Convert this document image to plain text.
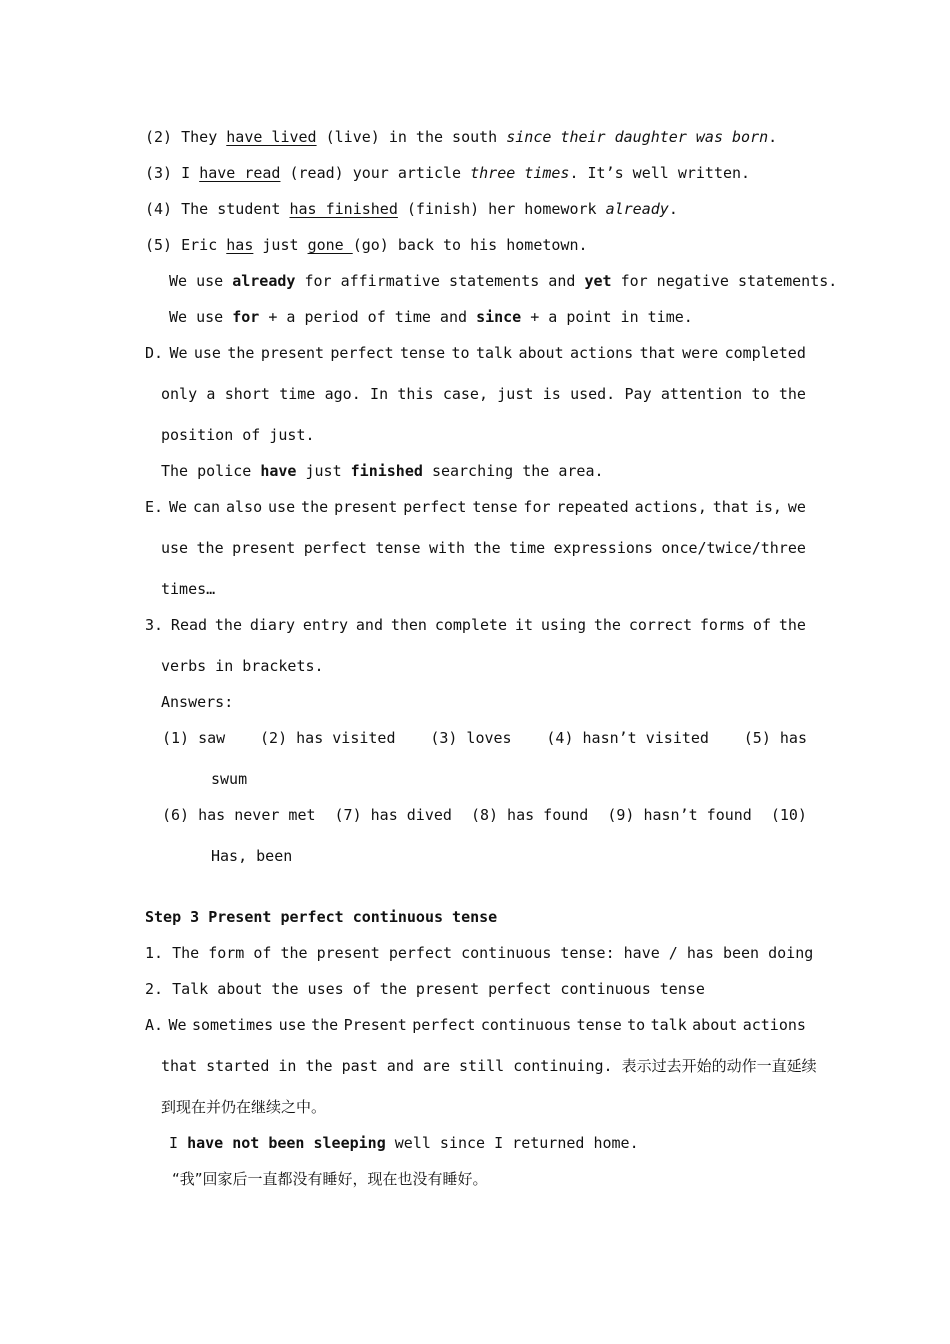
(2) They have lived (live) in the south since their daughter was born.
(3) I have read (read) your article three times. It’s well written.
(4) The student has finished (finish) her homework already.
(5) Eric has just gone (go) back to his hometown.
We use already for affirmative statements and yet for negative statements.
We use for + a period of time and since + a point in time.
D. We use the present perfect tense to talk about actions that were completed
only a short time ago. In this case, just is used. Pay attention to the
position of just.
The police have just finished searching the area.
E. We can also use the present perfect tense for repeated actions, that is, we
use the present perfect tense with the time expressions once/twice/three
times…
3. Read the diary entry and then complete it using the correct forms of the
verbs in brackets.
Answers:
(1) saw (2) has visited (3) loves (4) hasn’t visited (5) has
swum
(6) has never met (7) has dived (8) has found (9) hasn’t found (10)
Has, been
Step 3 Present perfect continuous tense
1. The form of the present perfect continuous tense: have / has been doing
2. Talk about the uses of the present perfect continuous tense
A. We sometimes use the Present perfect continuous tense to talk about actions
that started in the past and are still continuing. 表示过去开始的动作一直延续
到现在并仍在继续之中。
I have not been sleeping well since I returned home.
“我”回家后一直都没有睡好，现在也没有睡好。
